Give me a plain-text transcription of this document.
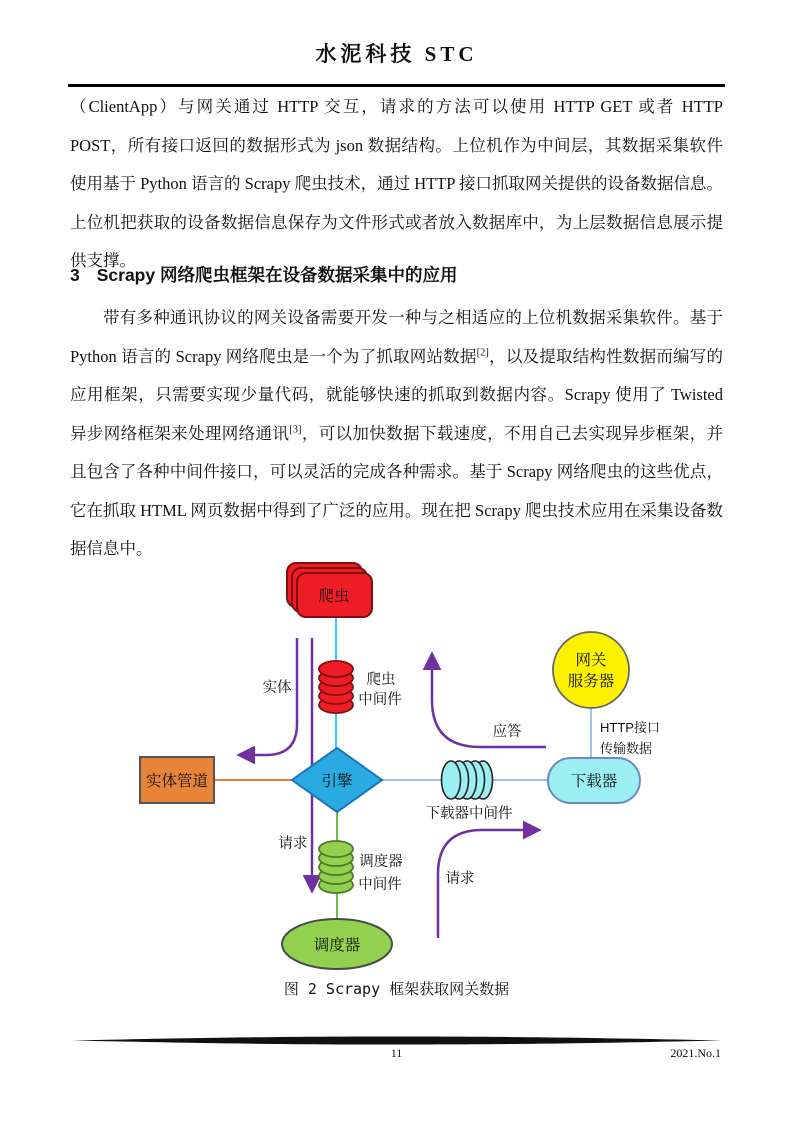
水泥科技 STC

（ClientApp）与网关通过 HTTP 交互，请求的方法可以使用 HTTP GET 或者 HTTP POST，所有接口返回的数据形式为 json 数据结构。上位机作为中间层，其数据采集软件使用基于 Python 语言的 Scrapy 爬虫技术，通过 HTTP 接口抓取网关提供的设备数据信息。上位机把获取的设备数据信息保存为文件形式或者放入数据库中，为上层数据信息展示提供支撑。

3 Scrapy 网络爬虫框架在设备数据采集中的应用

带有多种通讯协议的网关设备需要开发一种与之相适应的上位机数据采集软件。基于 Python 语言的 Scrapy 网络爬虫是一个为了抓取网站数据[2]，以及提取结构性数据而编写的应用框架，只需要实现少量代码，就能够快速的抓取到数据内容。Scrapy 使用了 Twisted 异步网络框架来处理网络通讯[3]，可以加快数据下载速度，不用自己去实现异步框架，并且包含了各种中间件接口，可以灵活的完成各种需求。基于 Scrapy 网络爬虫的这些优点，它在抓取 HTML 网页数据中得到了广泛的应用。现在把 Scrapy 爬虫技术应用在采集设备数据信息中。

爬虫
爬虫
中间件
引擎
实体管道
下载器中间件
下载器
网关
服务器
调度器
中间件
调度器
实体
请求
应答
请求
HTTP接口
传输数据
图 2 Scrapy 框架获取网关数据
11	2021.No.1
